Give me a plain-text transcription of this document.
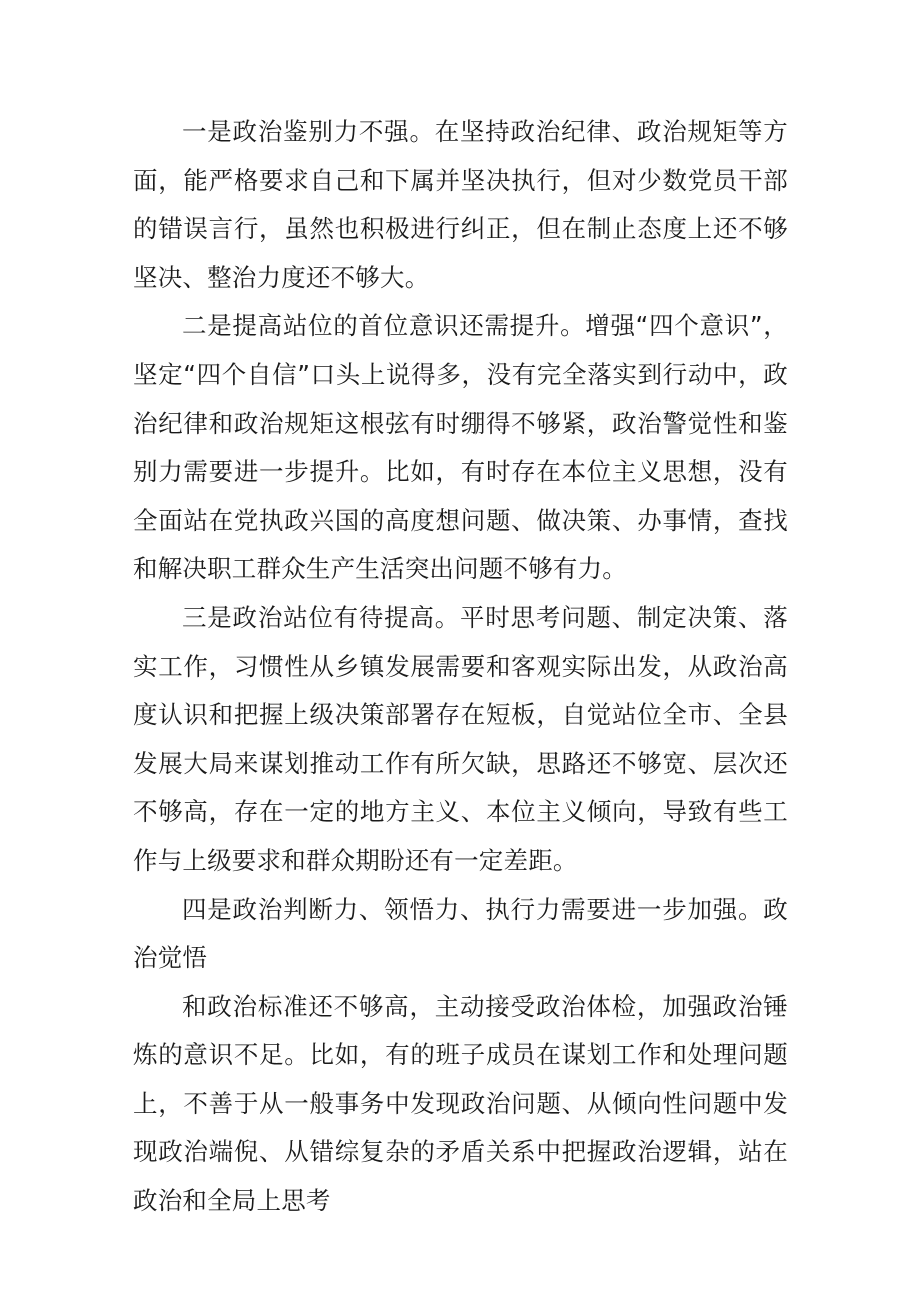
一是政治鉴别力不强。在坚持政治纪律、政治规矩等方面，能严格要求自己和下属并坚决执行，但对少数党员干部的错误言行，虽然也积极进行纠正，但在制止态度上还不够坚决、整治力度还不够大。

二是提高站位的首位意识还需提升。增强“四个意识”，坚定“四个自信”口头上说得多，没有完全落实到行动中，政治纪律和政治规矩这根弦有时绷得不够紧，政治警觉性和鉴别力需要进一步提升。比如，有时存在本位主义思想，没有全面站在党执政兴国的高度想问题、做决策、办事情，查找和解决职工群众生产生活突出问题不够有力。

三是政治站位有待提高。平时思考问题、制定决策、落实工作，习惯性从乡镇发展需要和客观实际出发，从政治高度认识和把握上级决策部署存在短板，自觉站位全市、全县发展大局来谋划推动工作有所欠缺，思路还不够宽、层次还不够高，存在一定的地方主义、本位主义倾向，导致有些工作与上级要求和群众期盼还有一定差距。

四是政治判断力、领悟力、执行力需要进一步加强。政治觉悟

和政治标准还不够高，主动接受政治体检，加强政治锤炼的意识不足。比如，有的班子成员在谋划工作和处理问题上，不善于从一般事务中发现政治问题、从倾向性问题中发现政治端倪、从错综复杂的矛盾关系中把握政治逻辑，站在政治和全局上思考
